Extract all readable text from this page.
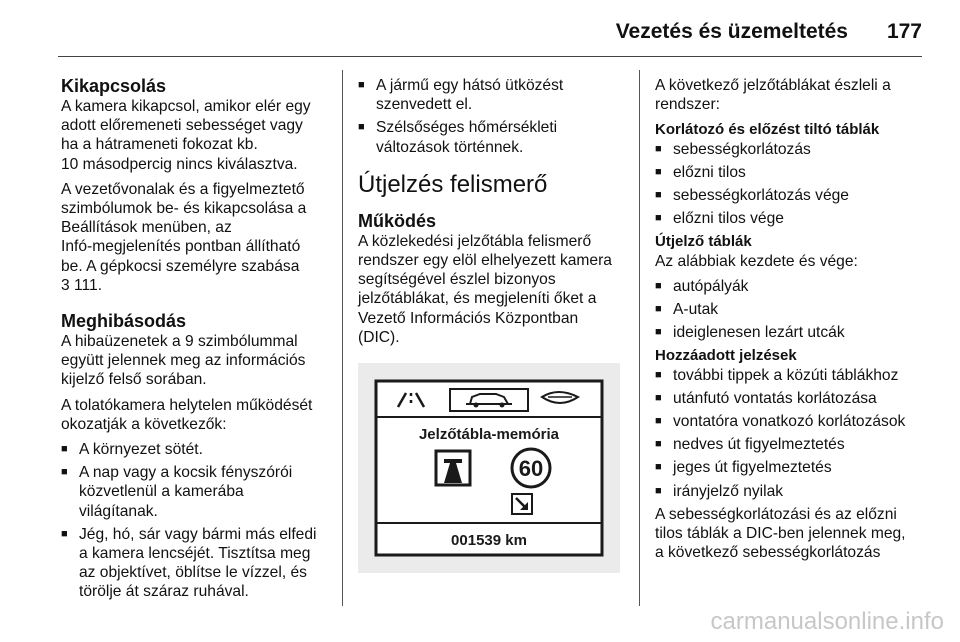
Vezetés és üzemeltetés 177
Kikapcsolás

A kamera kikapcsol, amikor elér egy
adott előremeneti sebességet vagy
ha a hátrameneti fokozat kb.
10 másodpercig nincs kiválasztva.

A vezetővonalak és a figyelmeztető
szimbólumok be- és kikapcsolása a
Beállítások menüben, az
Infó-megjelenítés pontban állítható
be. A gépkocsi személyre szabása
3 111.

Meghibásodás

A hibaüzenetek a 9 szimbólummal
együtt jelennek meg az információs
kijelző felső sorában.

A tolatókamera helytelen működését
okozatják a következők:

■ A környezet sötét.
■ A nap vagy a kocsik fényszórói
közvetlenül a kamerába
világítanak.
■ Jég, hó, sár vagy bármi más elfedi
a kamera lencséjét. Tisztítsa meg
az objektívet, öblítse le vízzel, és
törölje át száraz ruhával.
■ A jármű egy hátsó ütközést
szenvedett el.
■ Szélsőséges hőmérsékleti
változások történnek.
Útjelzés felismerő
Működés

A közlekedési jelzőtábla felismerő
rendszer egy elöl elhelyezett kamera
segítségével észlel bizonyos
jelzőtáblákat, és megjeleníti őket a
Vezető Információs Központban
(DIC).

Jelzőtábla-memória
60
001539 km

A következő jelzőtáblákat észleli a
rendszer:

Korlátozó és előzést tiltó táblák
■ sebességkorlátozás
■ előzni tilos
■ sebességkorlátozás vége
■ előzni tilos vége
Útjelző táblák

Az alábbiak kezdete és vége:

■ autópályák
■ A-utak
■ ideiglenesen lezárt utcák
Hozzáadott jelzések
■ további tippek a közúti táblákhoz
■ utánfutó vontatás korlátozása
■ vontatóra vonatkozó korlátozások
■ nedves út figyelmeztetés
■ jeges út figyelmeztetés
■ irányjelző nyilak

A sebességkorlátozási és az előzni
tilos táblák a DIC-ben jelennek meg,
a következő sebességkorlátozás

carmanualsonline.info
